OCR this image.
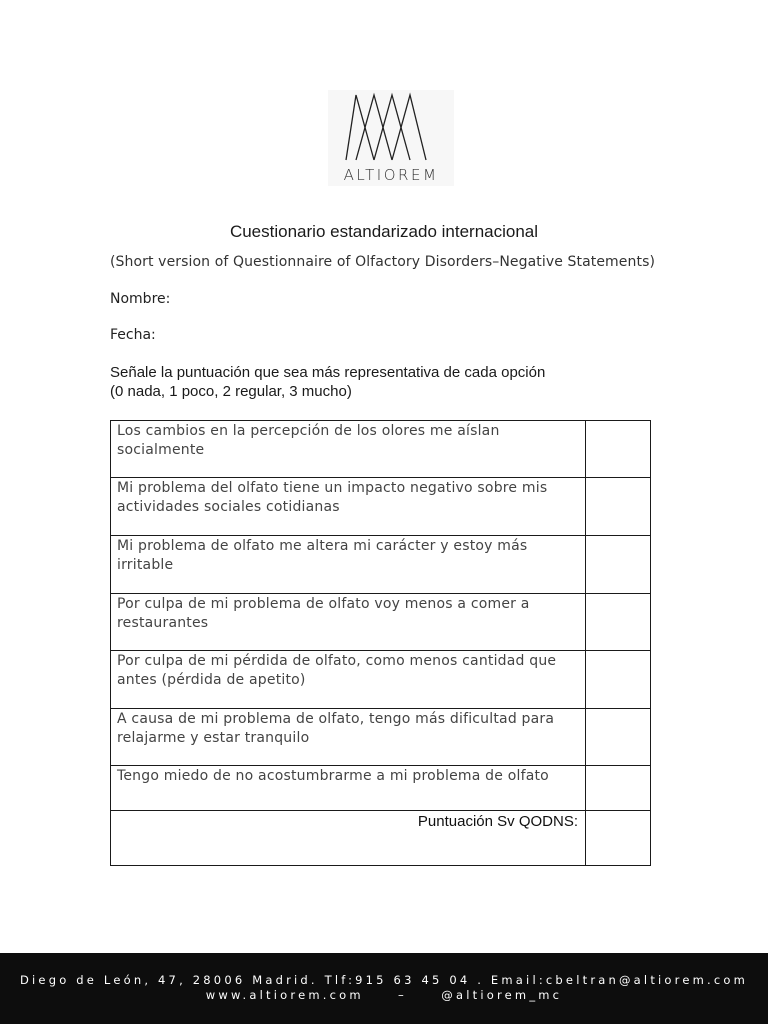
ALTIOREM
Cuestionario estandarizado internacional
(Short version of Questionnaire of Olfactory Disorders–Negative Statements)
Nombre:
Fecha:
Señale la puntuación que sea más representativa de cada opción
(0 nada, 1 poco, 2 regular, 3 mucho)
Los cambios en la percepción de los olores me aíslan
socialmente	

Mi problema del olfato tiene un impacto negativo sobre mis
actividades sociales cotidianas	

Mi problema de olfato me altera mi carácter y estoy más
irritable	

Por culpa de mi problema de olfato voy menos a comer a
restaurantes	

Por culpa de mi pérdida de olfato, como menos cantidad que
antes (pérdida de apetito)	

A causa de mi problema de olfato, tengo más dificultad para
relajarme y estar tranquilo	

Tengo miedo de no acostumbrarme a mi problema de olfato	

Puntuación Sv QODNS:	
Diego de León, 47, 28006 Madrid. Tlf:915 63 45 04 . Email:cbeltran@altiorem.com
www.altiorem.com	–	@altiorem_mc
